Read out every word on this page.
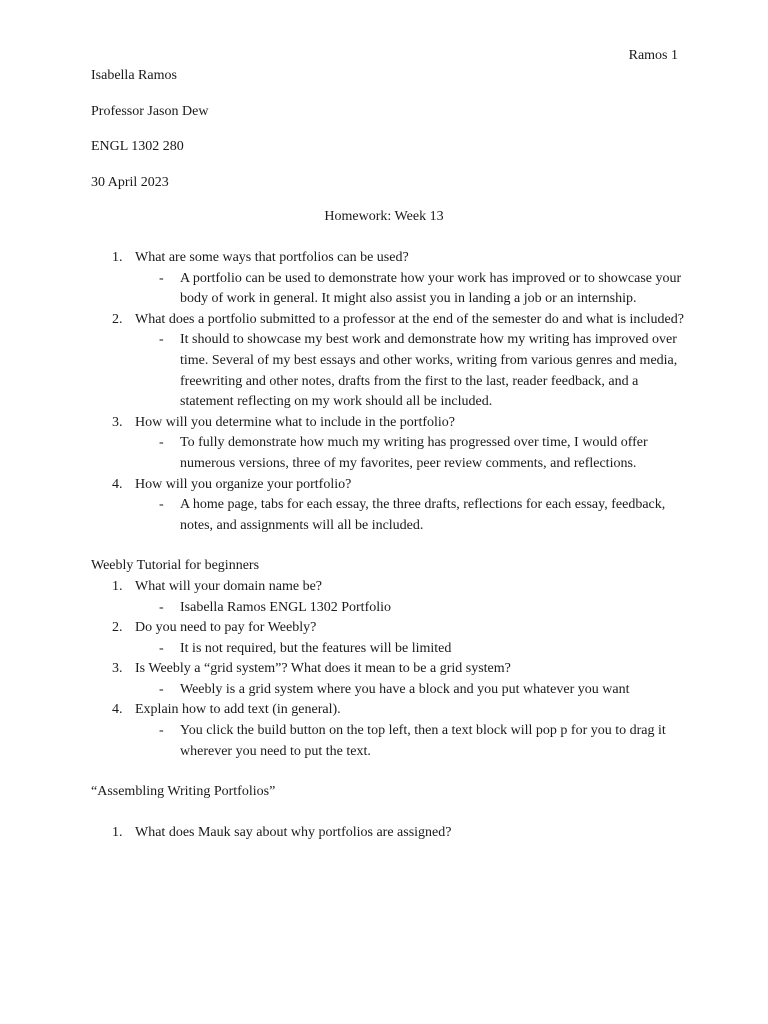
Ramos 1

Isabella Ramos

Professor Jason Dew

ENGL 1302 280

30 April 2023

Homework: Week 13
1. What are some ways that portfolios can be used?
- A portfolio can be used to demonstrate how your work has improved or to showcase your body of work in general. It might also assist you in landing a job or an internship.
2. What does a portfolio submitted to a professor at the end of the semester do and what is included?
- It should to showcase my best work and demonstrate how my writing has improved over time. Several of my best essays and other works, writing from various genres and media, freewriting and other notes, drafts from the first to the last, reader feedback, and a statement reflecting on my work should all be included.
3. How will you determine what to include in the portfolio?
- To fully demonstrate how much my writing has progressed over time, I would offer numerous versions, three of my favorites, peer review comments, and reflections.
4. How will you organize your portfolio?
- A home page, tabs for each essay, the three drafts, reflections for each essay, feedback, notes, and assignments will all be included.

Weebly Tutorial for beginners

1. What will your domain name be?
- Isabella Ramos ENGL 1302 Portfolio
2. Do you need to pay for Weebly?
- It is not required, but the features will be limited
3. Is Weebly a “grid system”? What does it mean to be a grid system?
- Weebly is a grid system where you have a block and you put whatever you want
4. Explain how to add text (in general).
- You click the build button on the top left, then a text block will pop p for you to drag it wherever you need to put the text.

“Assembling Writing Portfolios”

1. What does Mauk say about why portfolios are assigned?
